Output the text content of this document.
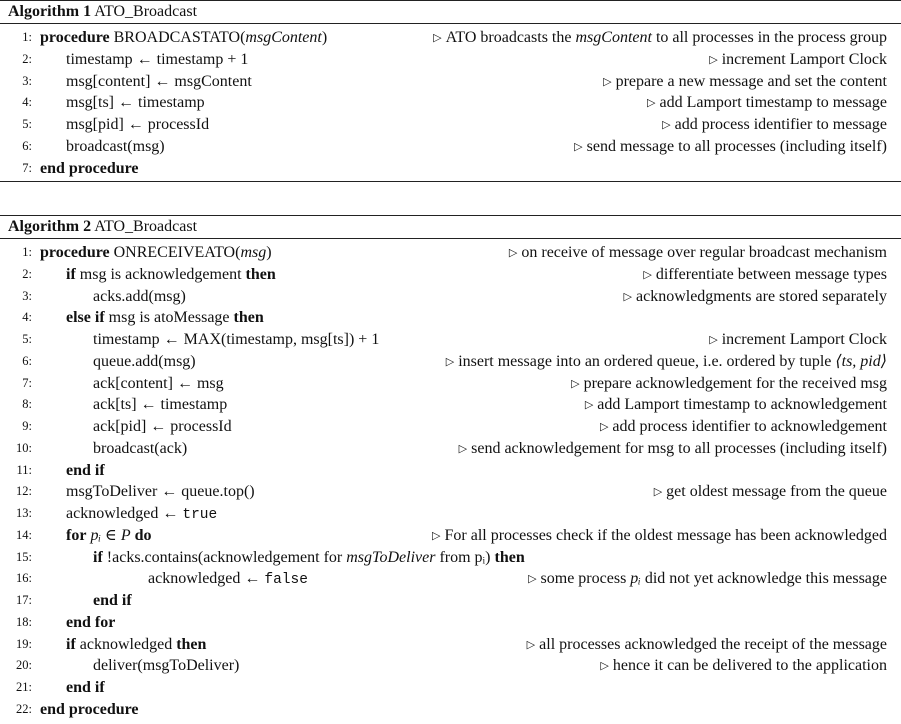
Algorithm 1 ATO_Broadcast
1: procedure BROADCASTATO(msgContent)	▷ ATO broadcasts the msgContent to all processes in the process group
2: timestamp ← timestamp + 1	▷ increment Lamport Clock
3: msg[content] ← msgContent	▷ prepare a new message and set the content
4: msg[ts] ← timestamp	▷ add Lamport timestamp to message
5: msg[pid] ← processId	▷ add process identifier to message
6: broadcast(msg)	▷ send message to all processes (including itself)
7: end procedure
Algorithm 2 ATO_Broadcast
1: procedure ONRECEIVEATO(msg)	▷ on receive of message over regular broadcast mechanism
2: if msg is acknowledgement then	▷ differentiate between message types
3:	acks.add(msg)	▷ acknowledgments are stored separately
4: else if msg is atoMessage then
5:	timestamp ← MAX(timestamp, msg[ts]) + 1	▷ increment Lamport Clock
6:	queue.add(msg)	▷ insert message into an ordered queue, i.e. ordered by tuple ⟨ts, pid⟩
7:	ack[content] ← msg	▷ prepare acknowledgement for the received msg
8:	ack[ts] ← timestamp	▷ add Lamport timestamp to acknowledgement
9:	ack[pid] ← processId	▷ add process identifier to acknowledgement
10:	broadcast(ack)	▷ send acknowledgement for msg to all processes (including itself)
11: end if
12: msgToDeliver ← queue.top()	▷ get oldest message from the queue
13: acknowledged ← true
14: for pᵢ ∈ P do	▷ For all processes check if the oldest message has been acknowledged
15:	if !acks.contains(acknowledgement for msgToDeliver from pᵢ) then
16:	acknowledged ← false	▷ some process pᵢ did not yet acknowledge this message
17:	end if
18: end for
19: if acknowledged then	▷ all processes acknowledged the receipt of the message
20:	deliver(msgToDeliver)	▷ hence it can be delivered to the application
21: end if
22: end procedure
